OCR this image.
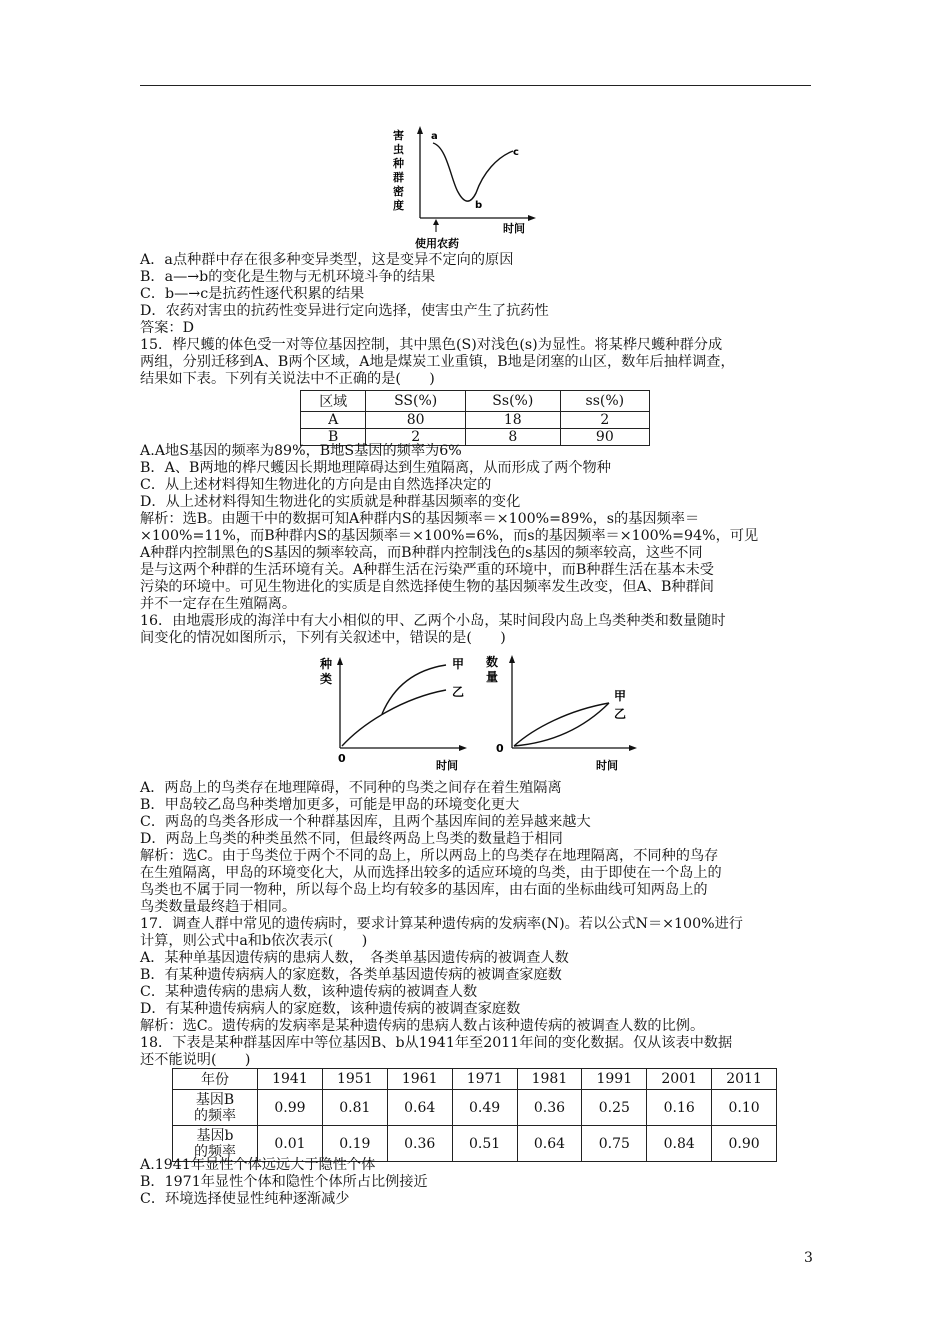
害
虫
种
群
密
度
a
b
c
时间
使用农药
A．a点种群中存在很多种变异类型，这是变异不定向的原因
B．a—→b的变化是生物与无机环境斗争的结果
C．b—→c是抗药性逐代积累的结果
D．农药对害虫的抗药性变异进行定向选择，使害虫产生了抗药性
答案：D
15．桦尺蠖的体色受一对等位基因控制，其中黑色(S)对浅色(s)为显性。将某桦尺蠖种群分成
两组，分别迁移到A、B两个区域，A地是煤炭工业重镇，B地是闭塞的山区，数年后抽样调查，
结果如下表。下列有关说法中不正确的是(　　)
区域	SS(%)	Ss(%)	ss(%)
A	80	18	2
B	2	8	90
A.A地S基因的频率为89%，B地S基因的频率为6%
B．A、B两地的桦尺蠖因长期地理障碍达到生殖隔离，从而形成了两个物种
C．从上述材料得知生物进化的方向是由自然选择决定的
D．从上述材料得知生物进化的实质就是种群基因频率的变化
解析：选B。由题干中的数据可知A种群内S的基因频率＝×100%=89%，s的基因频率＝
×100%=11%，而B种群内S的基因频率＝×100%=6%，而s的基因频率＝×100%=94%，可见
A种群内控制黑色的S基因的频率较高，而B种群内控制浅色的s基因的频率较高，这些不同
是与这两个种群的生活环境有关。A种群生活在污染严重的环境中，而B种群生活在基本未受
污染的环境中。可见生物进化的实质是自然选择使生物的基因频率发生改变，但A、B种群间
并不一定存在生殖隔离。
16．由地震形成的海洋中有大小相似的甲、乙两个小岛，某时间段内岛上鸟类种类和数量随时
间变化的情况如图所示，下列有关叙述中，错误的是(　　)
种
类
甲
乙
0
时间
数
量
甲
乙
0
时间
A．两岛上的鸟类存在地理障碍，不同种的鸟类之间存在着生殖隔离
B．甲岛较乙岛鸟种类增加更多，可能是甲岛的环境变化更大
C．两岛的鸟类各形成一个种群基因库，且两个基因库间的差异越来越大
D．两岛上鸟类的种类虽然不同，但最终两岛上鸟类的数量趋于相同
解析：选C。由于鸟类位于两个不同的岛上，所以两岛上的鸟类存在地理隔离，不同种的鸟存
在生殖隔离，甲岛的环境变化大，从而选择出较多的适应环境的鸟类，由于即使在一个岛上的
鸟类也不属于同一物种，所以每个岛上均有较多的基因库，由右面的坐标曲线可知两岛上的
鸟类数量最终趋于相同。
17．调查人群中常见的遗传病时，要求计算某种遗传病的发病率(N)。若以公式N＝×100%进行
计算，则公式中a和b依次表示(　　)
A．某种单基因遗传病的患病人数，　各类单基因遗传病的被调查人数
B．有某种遗传病病人的家庭数，各类单基因遗传病的被调查家庭数
C．某种遗传病的患病人数，该种遗传病的被调查人数
D．有某种遗传病病人的家庭数，该种遗传病的被调查家庭数
解析：选C。遗传病的发病率是某种遗传病的患病人数占该种遗传病的被调查人数的比例。
18．下表是某种群基因库中等位基因B、b从1941年至2011年间的变化数据。仅从该表中数据
还不能说明(　　)
年份	1941	1951	1961	1971	1981	1991	2001	2011

基因B
的频率	0.99	0.81	0.64	0.49	0.36	0.25	0.16	0.10

基因b
的频率	0.01	0.19	0.36	0.51	0.64	0.75	0.84	0.90
A.1941年显性个体远远大于隐性个体
B．1971年显性个体和隐性个体所占比例接近
C．环境选择使显性纯种逐渐减少
3
